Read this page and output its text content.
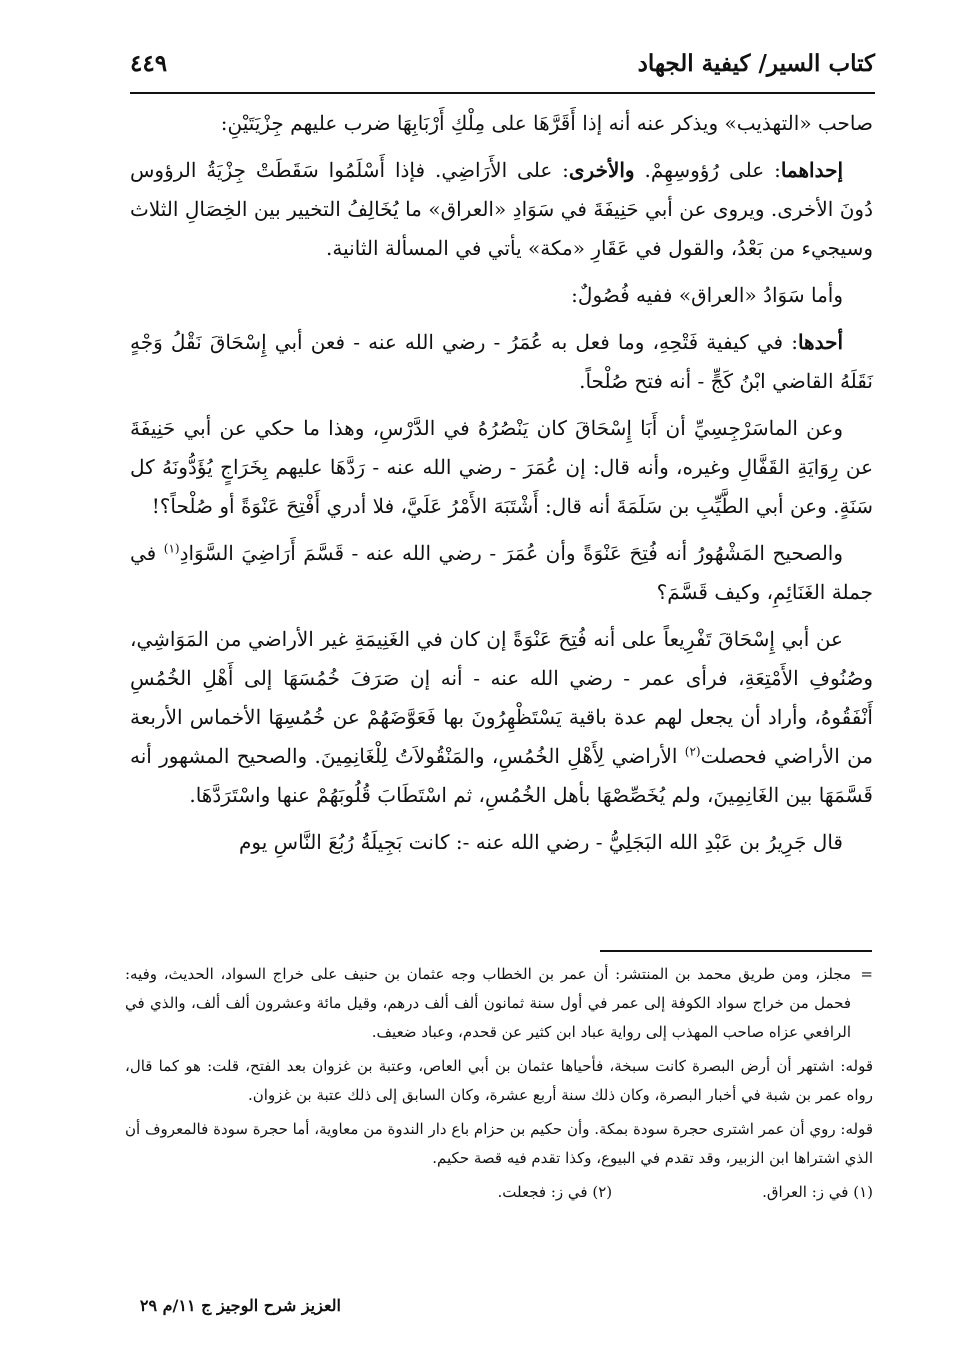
كتاب السير/ كيفية الجهاد
٤٤٩

صاحب «التهذيب» ويذكر عنه أنه إذا أَقَرَّهَا على مِلْكِ أَرْبَابِهَا ضرب عليهم جِزْيَتَيْنِ:

إحداهما: على رُؤوسِهِمْ. والأخرى: على الأَرَاضِي. فإذا أَسْلَمُوا سَقَطَتْ جِزْيَةُ الرؤوس دُونَ الأخرى. ويروى عن أبي حَنِيفَةَ في سَوَادِ «العراق» ما يُخَالِفُ التخيير بين الخِصَالِ الثلاث وسيجيء من بَعْدُ، والقول في عَقَارِ «مكة» يأتي في المسألة الثانية.

وأما سَوَادُ «العراق» ففيه فُصُولٌ:

أحدها: في كيفية فَتْحِهِ، وما فعل به عُمَرُ - رضي الله عنه - فعن أبي إِسْحَاقَ نَقْلُ وَجْهٍ نَقَلَهُ القاضي ابْنُ كَجٍّ - أنه فتح صُلْحاً.

وعن الماسَرْجِسِيِّ أن أَبَا إِسْحَاقَ كان يَنْصُرُهُ في الدَّرْسِ، وهذا ما حكي عن أبي حَنِيفَةَ عن رِوَايَةِ القَفَّالِ وغيره، وأنه قال: إن عُمَرَ - رضي الله عنه - رَدَّهَا عليهم بِخَرَاجٍ يُؤَدُّونَهُ كل سَنَةٍ. وعن أبي الطَّيِّبِ بن سَلَمَةَ أنه قال: أَشْتَبَهَ الأَمْرُ عَلَيَّ، فلا أدري أَفْتِحَ عَنْوَةً أو صُلْحاً؟!

والصحيح المَشْهُورُ أنه فُتِحَ عَنْوَةً وأن عُمَرَ - رضي الله عنه - قَسَّمَ أَرَاضِيَ السَّوَادِ$^{(١)}$ في جملة الغَنَائِمِ، وكيف قَسَّمَ؟

عن أبي إِسْحَاقَ تَفْرِيعاً على أنه فُتِحَ عَنْوَةً إن كان في الغَنِيمَةِ غير الأراضي من المَوَاشِي، وصُنُوفِ الأَمْتِعَةِ، فرأى عمر - رضي الله عنه - أنه إن صَرَفَ خُمُسَهَا إلى أَهْلِ الخُمُسِ أَنْفَقُوهُ، وأراد أن يجعل لهم عدة باقية يَسْتَظْهِرُونَ بها فَعَوَّضَهُمْ عن خُمُسِهَا الأخماس الأربعة من الأراضي فحصلت$^{(٢)}$ الأراضي لِأَهْلِ الخُمُسِ، والمَنْقُولاَتُ لِلْغَانِمِينَ. والصحيح المشهور أنه قَسَّمَهَا بين الغَانِمِينَ، ولم يُخَصِّصْهَا بأهل الخُمُسِ، ثم اسْتَطَابَ قُلُوبَهُمْ عنها واسْتَرَدَّهَا.

قال جَرِيرُ بن عَبْدِ الله البَجَلِيُّ - رضي الله عنه -: كانت بَجِيلَةُ رُبُعَ النَّاسِ يوم

=
مجلز، ومن طريق محمد بن المنتشر: أن عمر بن الخطاب وجه عثمان بن حنيف على خراج السواد، الحديث، وفيه: فحمل من خراج سواد الكوفة إلى عمر في أول سنة ثمانون ألف ألف درهم، وقيل مائة وعشرون ألف ألف، والذي في الرافعي عزاه صاحب المهذب إلى رواية عباد ابن كثير عن قحدم، وعباد ضعيف.

قوله: اشتهر أن أرض البصرة كانت سبخة، فأحياها عثمان بن أبي العاص، وعتبة بن غزوان بعد الفتح، قلت: هو كما قال، رواه عمر بن شبة في أخبار البصرة، وكان ذلك سنة أربع عشرة، وكان السابق إلى ذلك عتبة بن غزوان.

قوله: روي أن عمر اشترى حجرة سودة بمكة. وأن حكيم بن حزام باع دار الندوة من معاوية، أما حجرة سودة فالمعروف أن الذي اشتراها ابن الزبير، وقد تقدم في البيوع، وكذا تقدم فيه قصة حكيم.

(١) في ز: العراق.
(٢) في ز: فجعلت.
العزيز شرح الوجيز ج ١١/م ٢٩
